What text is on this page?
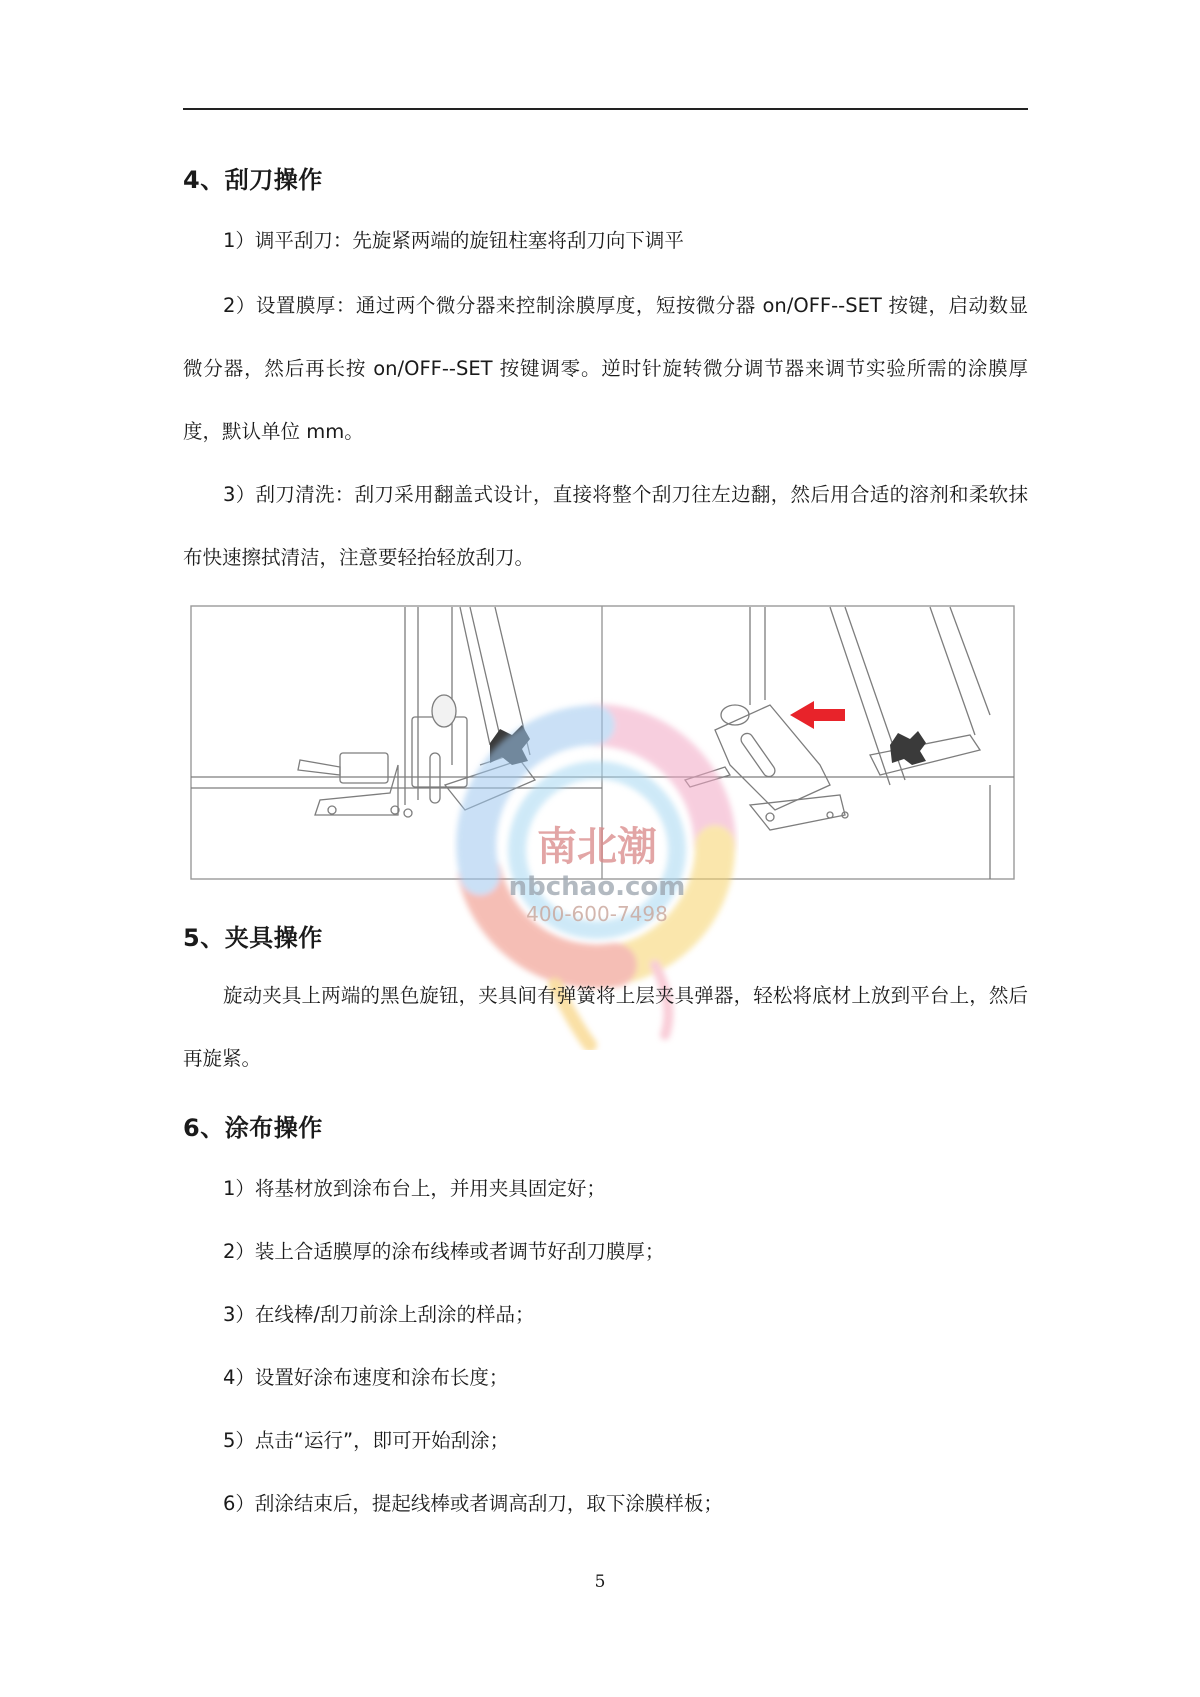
4、刮刀操作

1）调平刮刀：先旋紧两端的旋钮柱塞将刮刀向下调平

2）设置膜厚：通过两个微分器来控制涂膜厚度，短按微分器 on/OFF--SET 按键，启动数显微分器，然后再长按 on/OFF--SET 按键调零。逆时针旋转微分调节器来调节实验所需的涂膜厚度，默认单位 mm。

3）刮刀清洗：刮刀采用翻盖式设计，直接将整个刮刀往左边翻，然后用合适的溶剂和柔软抹布快速擦拭清洁，注意要轻抬轻放刮刀。

南北潮
nbchao.com
400-600-7498
5、夹具操作

旋动夹具上两端的黑色旋钮，夹具间有弹簧将上层夹具弹器，轻松将底材上放到平台上，然后再旋紧。

6、涂布操作

1）将基材放到涂布台上，并用夹具固定好；

2）装上合适膜厚的涂布线棒或者调节好刮刀膜厚；

3）在线棒/刮刀前涂上刮涂的样品；

4）设置好涂布速度和涂布长度；

5）点击“运行”，即可开始刮涂；

6）刮涂结束后，提起线棒或者调高刮刀，取下涂膜样板；

5
